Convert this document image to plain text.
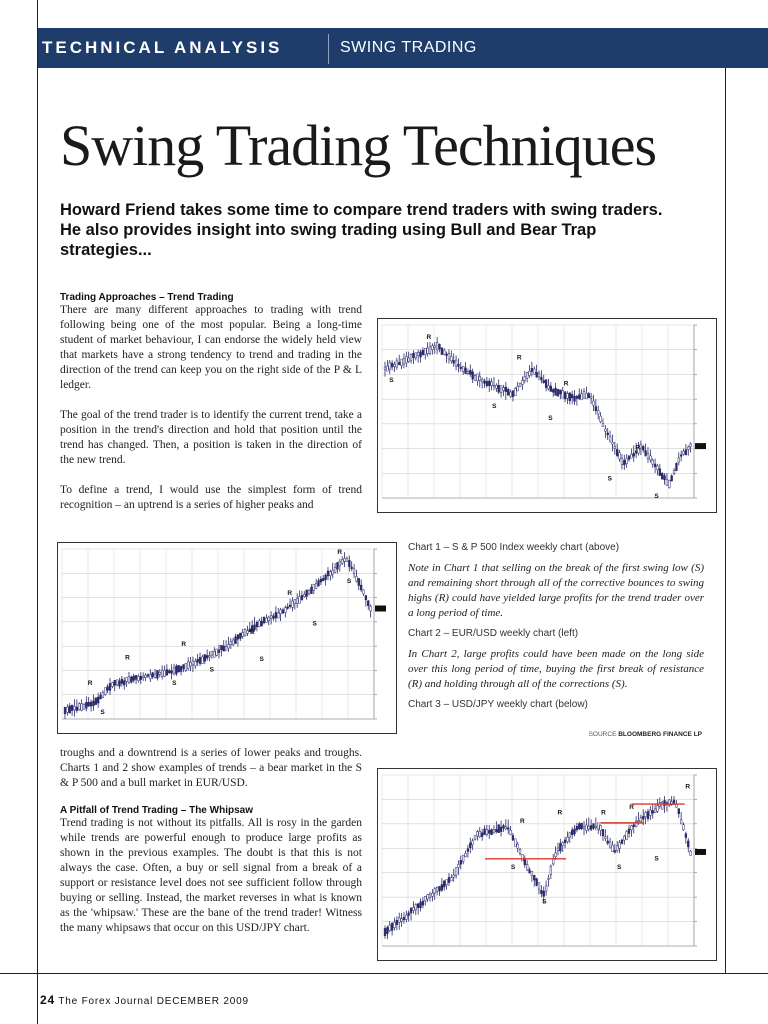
TECHNICAL ANALYSIS	SWING TRADING
Swing Trading Techniques
Howard Friend takes some time to compare trend traders with swing traders. He also provides insight into swing trading using Bull and Bear Trap strategies...
Trading Approaches – Trend Trading
There are many different approaches to trading with trend following being one of the most popular. Being a long-time student of market behaviour, I can endorse the widely held view that markets have a strong tendency to trend and trading in the direction of the trend can keep you on the right side of the P & L ledger.
The goal of the trend trader is to identify the current trend, take a position in the trend's direction and hold that position until the trend has changed. Then, a position is taken in the direction of the new trend.
To define a trend, I would use the simplest form of trend recognition – an uptrend is a series of higher peaks and
R
S
R
S
R
S
R
S
S
R
S
R
S
R
S
R
S
R
S
R
S
Chart 1 – S & P 500 Index weekly chart (above)
Note in Chart 1 that selling on the break of the first swing low (S) and remaining short through all of the corrective bounces to swing highs (R) could have yielded large profits for the trend trader over a long period of time.
Chart 2 – EUR/USD weekly chart (left)
In Chart 2, large profits could have been made on the long side over this long period of time, buying the first break of resistance (R) and holding through all of the corrections (S).
Chart 3 – USD/JPY weekly chart (below)
SOURCE BLOOMBERG FINANCE LP
troughs and a downtrend is a series of lower peaks and troughs. Charts 1 and 2 show examples of trends – a bear market in the S & P 500 and a bull market in EUR/USD.
A Pitfall of Trend Trading – The Whipsaw
Trend trading is not without its pitfalls. All is rosy in the garden while trends are powerful enough to produce large profits as shown in the previous examples. The doubt is that this is not always the case. Often, a buy or sell signal from a break of a support or resistance level does not see sufficient follow through buying or selling. Instead, the market reverses in what is known as the 'whipsaw.' These are the bane of the trend trader! Witness the many whipsaws that occur on this USD/JPY chart.
R
S
R
S
R
S
R
S
R
24 The Forex Journal DECEMBER 2009
